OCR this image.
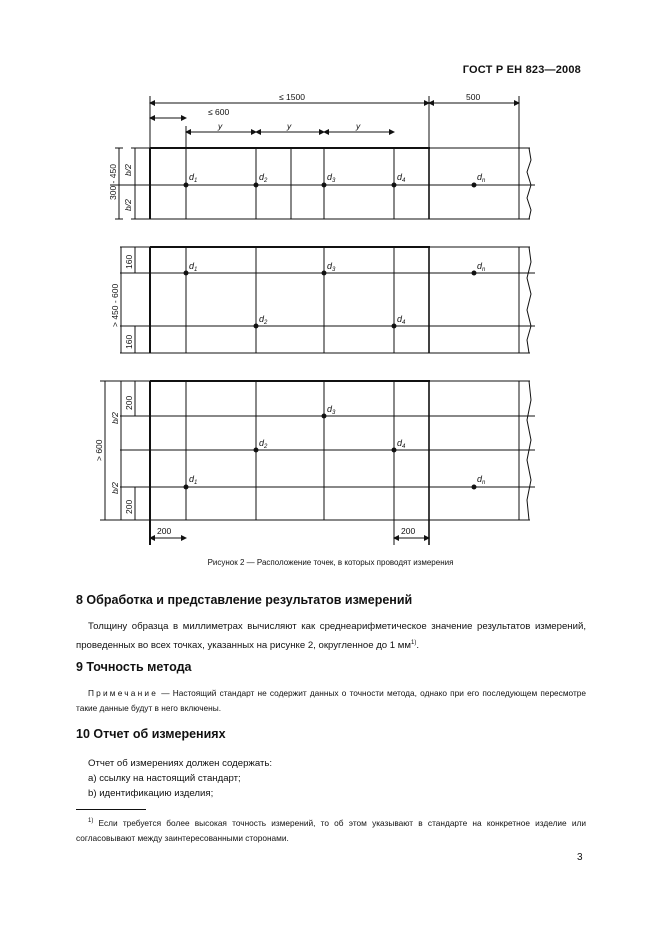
ГОСТ Р ЕН 823—2008
≤ 1500	500
≤ 600
y	y	y
200	200
300 - 450 b/2
b/2
> 450 - 600
160
160
> 600
b/2
b/2
200
200
$d_1$	$d_2$	$d_3$	$d_4$	$d_n$
$d_1$	$d_3$	$d_n$
$d_2$	$d_4$
$d_3$
$d_2$	$d_4$
$d_1$	$d_n$
Рисунок 2 — Расположение точек, в которых проводят измерения
8 Обработка и представление результатов измерений
Толщину образца в миллиметрах вычисляют как среднеарифметическое значение результатов измерений, проведенных во всех точках, указанных на рисунке 2, округленное до 1 $мм^{1)}$.
9 Точность метода
Примечание — Настоящий стандарт не содержит данных о точности метода, однако при его последующем пересмотре такие данные будут в него включены.
10 Отчет об измерениях
Отчет об измерениях должен содержать:
a) ссылку на настоящий стандарт;
b) идентификацию изделия;
$^{1)}$ Если требуется более высокая точность измерений, то об этом указывают в стандарте на конкретное изделие или согласовывают между заинтересованными сторонами.
3
